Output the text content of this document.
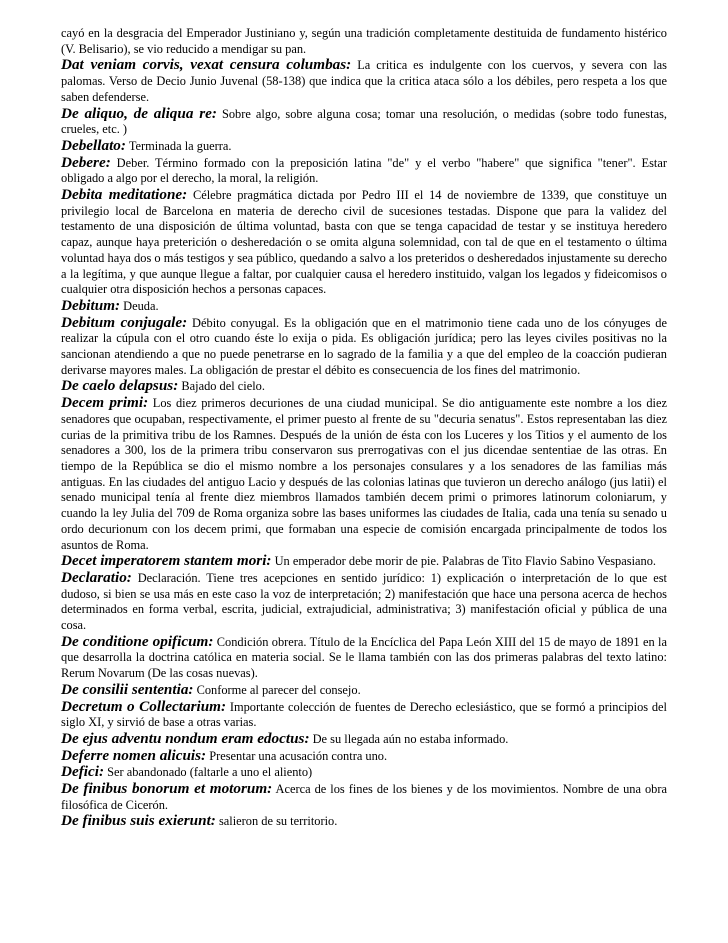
cayó en la desgracia del Emperador Justiniano y, según una tradición completamente destituida de fundamento histérico (V. Belisario), se vio reducido a mendigar su pan.

Dat veniam corvis, vexat censura columbas: La critica es indulgente con los cuervos, y severa con las palomas. Verso de Decio Junio Juvenal (58-138) que indica que la critica ataca sólo a los débiles, pero respeta a los que saben defenderse.

De aliquo, de aliqua re: Sobre algo, sobre alguna cosa; tomar una resolución, o medidas (sobre todo funestas, crueles, etc. )

Debellato: Terminada la guerra.

Debere: Deber. Término formado con la preposición latina "de" y el verbo "habere" que significa "tener". Estar obligado a algo por el derecho, la moral, la religión.

Debita meditatione: Célebre pragmática dictada por Pedro III el 14 de noviembre de 1339, que constituye un privilegio local de Barcelona en materia de derecho civil de sucesiones testadas. Dispone que para la validez del testamento de una disposición de última voluntad, basta con que se tenga capacidad de testar y se instituya heredero capaz, aunque haya preterición o desheredación o se omita alguna solemnidad, con tal de que en el testamento o última voluntad haya dos o más testigos y sea público, quedando a salvo a los preteridos o desheredados injustamente su derecho a la legítima, y que aunque llegue a faltar, por cualquier causa el heredero instituido, valgan los legados y fideicomisos o cualquier otra disposición hechos a personas capaces.

Debitum: Deuda.

Debitum conjugale: Débito conyugal. Es la obligación que en el matrimonio tiene cada uno de los cónyuges de realizar la cúpula con el otro cuando éste lo exija o pida. Es obligación jurídica; pero las leyes civiles positivas no la sancionan atendiendo a que no puede penetrarse en lo sagrado de la familia y a que del empleo de la coacción pudieran derivarse mayores males. La obligación de prestar el débito es consecuencia de los fines del matrimonio.

De caelo delapsus: Bajado del cielo.

Decem primi: Los diez primeros decuriones de una ciudad municipal. Se dio antiguamente este nombre a los diez senadores que ocupaban, respectivamente, el primer puesto al frente de su "decuria senatus". Estos representaban las diez curias de la primitiva tribu de los Ramnes. Después de la unión de ésta con los Luceres y los Titios y el aumento de los senadores a 300, los de la primera tribu conservaron sus prerrogativas con el jus dicendae sententiae de las otras. En tiempo de la República se dio el mismo nombre a los personajes consulares y a los senadores de las familias más antiguas. En las ciudades del antiguo Lacio y después de las colonias latinas que tuvieron un derecho análogo (jus latii) el senado municipal tenía al frente diez miembros llamados también decem primi o primores latinorum coloniarum, y cuando la ley Julia del 709 de Roma organiza sobre las bases uniformes las ciudades de Italia, cada una tenía su senado u ordo decurionum con los decem primi, que formaban una especie de comisión encargada principalmente de todos los asuntos de Roma.

Decet imperatorem stantem mori: Un emperador debe morir de pie. Palabras de Tito Flavio Sabino Vespasiano.

Declaratio: Declaración. Tiene tres acepciones en sentido jurídico: 1) explicación o interpretación de lo que est dudoso, si bien se usa más en este caso la voz de interpretación; 2) manifestación que hace una persona acerca de hechos determinados en forma verbal, escrita, judicial, extrajudicial, administrativa; 3) manifestación oficial y pública de una cosa.

De conditione opificum: Condición obrera. Título de la Encíclica del Papa León XIII del 15 de mayo de 1891 en la que desarrolla la doctrina católica en materia social. Se le llama también con las dos primeras palabras del texto latino: Rerum Novarum (De las cosas nuevas).

De consilii sententia: Conforme al parecer del consejo.

Decretum o Collectarium: Importante colección de fuentes de Derecho eclesiástico, que se formó a principios del siglo XI, y sirvió de base a otras varias.

De ejus adventu nondum eram edoctus: De su llegada aún no estaba informado.

Deferre nomen alicuis: Presentar una acusación contra uno.

Defici: Ser abandonado (faltarle a uno el aliento)

De finibus bonorum et motorum: Acerca de los fines de los bienes y de los movimientos. Nombre de una obra filosófica de Cicerón.

De finibus suis exierunt: salieron de su territorio.
